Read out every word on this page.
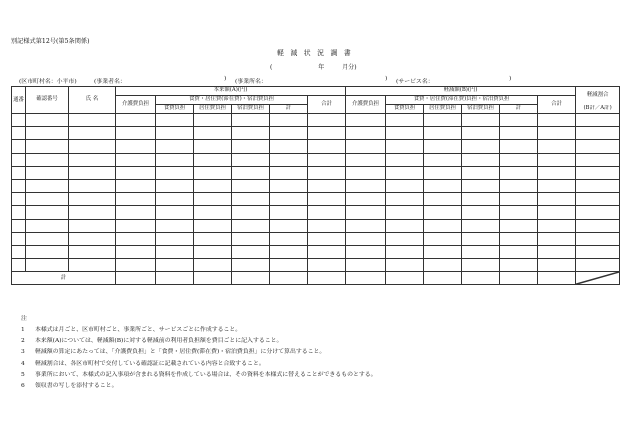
別記様式第12号(第5条関係)
軽 減 状 況 調 書
(	年	月分)
(区市町村名：小平市)	(事業者名：	) (事業所名：	) (サービス名：	)
通番	確認番号	氏 名	本来額(A)(円)						軽減額(B)(円)						軽減割合
			介護費負担	食費・居住費(滞在費)・宿泊費負担				合計	介護費負担	食費・居住費(滞在費)負担・宿泊費負担				合計	
				食費負担	居住費負担	宿泊費負担	計			食費負担	居住費負担	宿泊費負担	計		(B計／A計)

計													
注
1 本様式は月ごと、区市町村ごと、事業所ごと、サービスごとに作成すること。
2 本来額(A)については、軽減額(B)に対する軽減前の利用者負担額を費目ごとに記入すること。
3 軽減額の算定にあたっては、「介護費負担」と「食費・居住費(滞在費)・宿泊費負担」に分けて算出すること。
4 軽減割合は、各区市町村で交付している確認証に記載されている内容と合致すること。
5 事業所において、本様式の記入事項が含まれる資料を作成している場合は、その資料を本様式に替えることができるものとする。
6 領収書の写しを添付すること。
